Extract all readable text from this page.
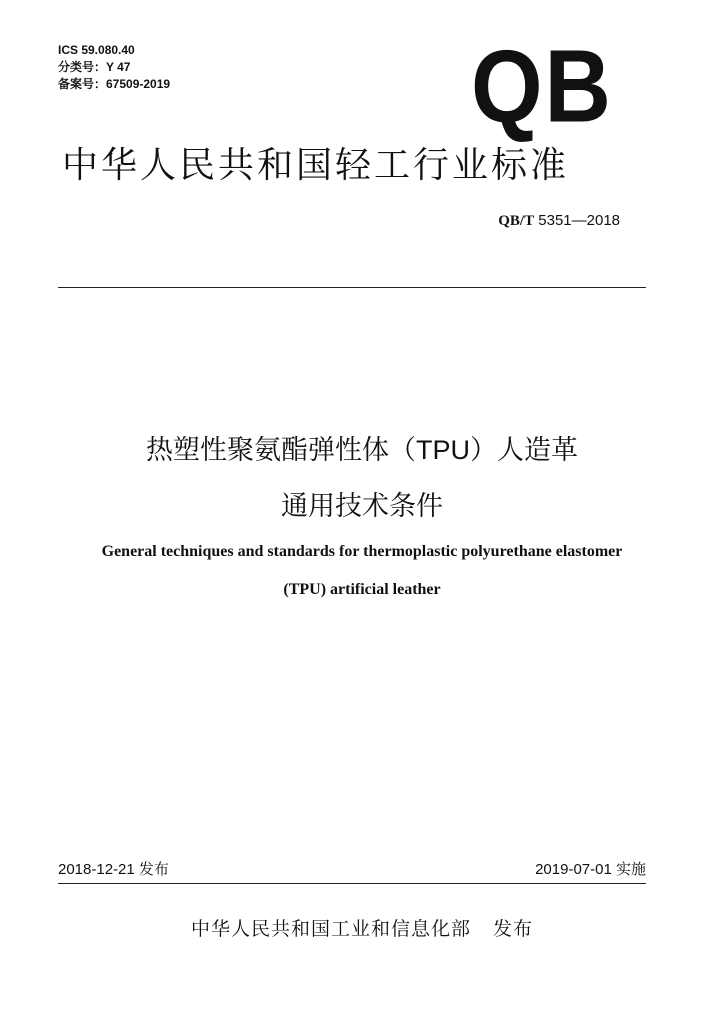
ICS 59.080.40
分类号：Y 47
备案号：67509-2019	QB
中华人民共和国轻工行业标准
QB/T 5351—2018
热塑性聚氨酯弹性体（TPU）人造革
通用技术条件
General techniques and standards for thermoplastic polyurethane elastomer
(TPU) artificial leather
2018-12-21 发布	2019-07-01 实施
中华人民共和国工业和信息化部 发布
